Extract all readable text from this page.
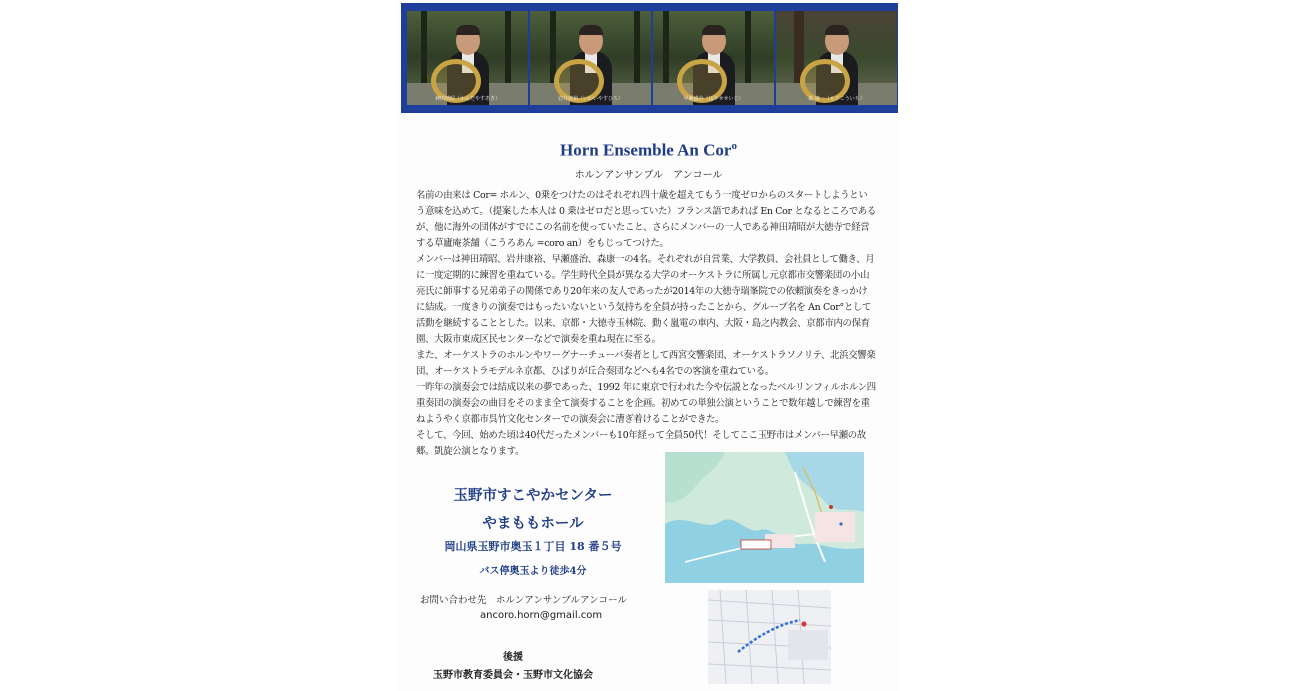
神田靖昭（かんだやすあき）	岩井康裕（いわいやすひろ）	早瀬盛治（はやせせいじ）	森 康一（もりこういち）
Horn Ensemble An Cor$^o$
ホルンアンサンブル　アンコール

名前の由来は Cor= ホルン、0乗をつけたのはそれぞれ四十歳を超えてもう一度ゼロからのスタートしようという意味を込めて。（提案した本人は 0 乗はゼロだと思っていた）フランス語であれば En Cor となるところであるが、他に海外の団体がすでにこの名前を使っていたこと、さらにメンバーの一人である神田靖昭が大徳寺で経営する草廬庵茶舗（こうろあん =coro an）をもじってつけた。

メンバーは神田靖昭、岩井康裕、早瀬盛治、森康一の4名。それぞれが自営業、大学教員、会社員として働き、月に一度定期的に練習を重ねている。学生時代全員が異なる大学のオーケストラに所属し元京都市交響楽団の小山亮氏に師事する兄弟弟子の関係であり20年来の友人であったが2014年の大徳寺瑞峯院での依頼演奏をきっかけに結成。一度きりの演奏ではもったいないという気持ちを全員が持ったことから、グループ名を An Cor°として活動を継続することとした。以来、京都・大徳寺玉林院、動く嵐電の車内、大阪・島之内教会、京都市内の保育園、大阪市東成区民センターなどで演奏を重ね現在に至る。

また、オーケストラのホルンやワーグナーチューバ奏者として西宮交響楽団、オーケストラソノリテ、北浜交響楽団、オーケストラモデルネ京都、ひばりが丘合奏団などへも4名での客演を重ねている。

一昨年の演奏会では結成以来の夢であった、1992 年に東京で行われた今や伝説となったベルリンフィルホルン四重奏団の演奏会の曲目をそのまま全て演奏することを企画。初めての単独公演ということで数年越しで練習を重ねようやく京都市呉竹文化センターでの演奏会に漕ぎ着けることができた。

そして、今回、始めた頃は40代だったメンバーも10年経って全員50代！そしてここ玉野市はメンバー早瀬の故郷。凱旋公演となります。

玉野市すこやかセンター
やまももホール
岡山県玉野市奥玉１丁目 18 番５号
バス停奥玉より徒歩4分
お問い合わせ先　ホルンアンサンブルアンコール
ancoro.horn@gmail.com
後援
玉野市教育委員会・玉野市文化協会
